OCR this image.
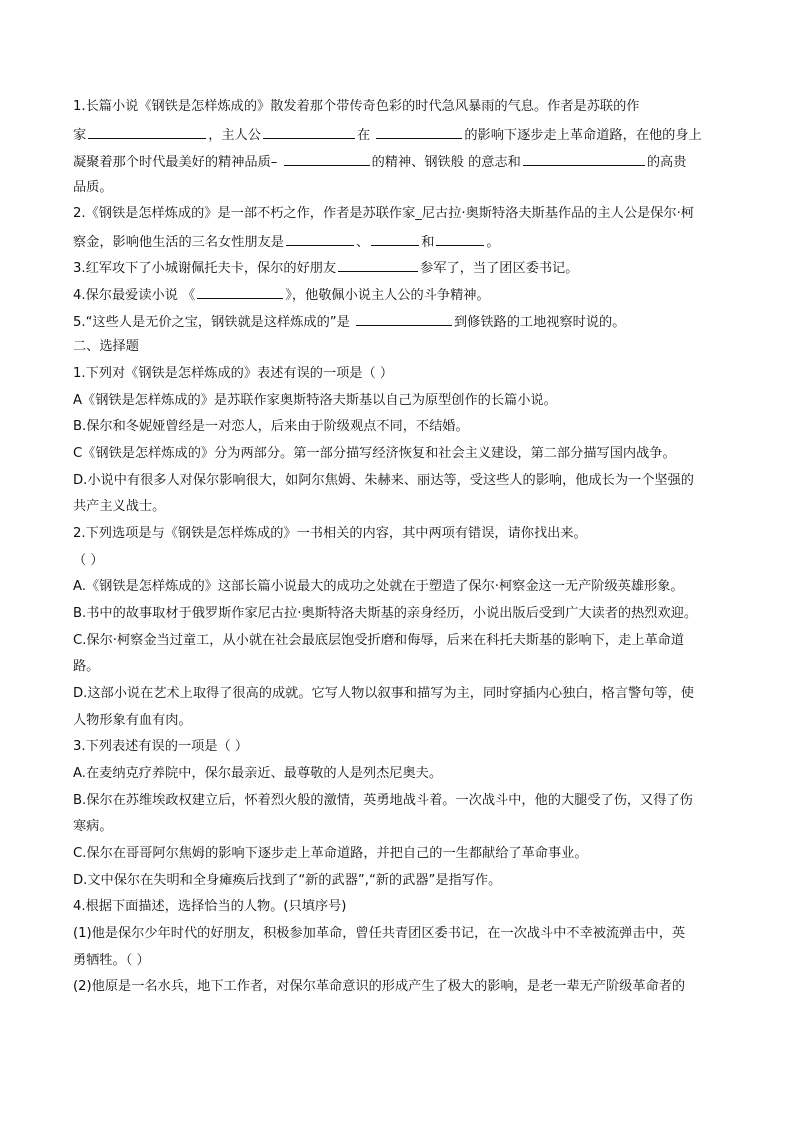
1.长篇小说《钢铁是怎样炼成的》散发着那个带传奇色彩的时代急风暴雨的气息。作者是苏联的作
家	，主人公	在	的影响下逐步走上革命道路，在他的身上
凝聚着那个时代最美好的精神品质–	的精神、钢铁般 的意志和	的高贵
品质。
2.《钢铁是怎样炼成的》是一部不朽之作，作者是苏联作家_尼古拉·奥斯特洛夫斯基作品的主人公是保尔·柯
察金，影响他生活的三名女性朋友是	、	和	。
3.红军攻下了小城谢佩托夫卡，保尔的好朋友	参军了，当了团区委书记。
4.保尔最爱读小说 《	》，他敬佩小说主人公的斗争精神。
5.“这些人是无价之宝，钢铁就是这样炼成的”是	到修铁路的工地视察时说的。
二、选择题
1.下列对《钢铁是怎样炼成的》表述有误的一项是（ ）
A《钢铁是怎样炼成的》是苏联作家奥斯特洛夫斯基以自己为原型创作的长篇小说。
B.保尔和冬妮娅曾经是一对恋人，后来由于阶级观点不同，不结婚。
C《钢铁是怎样炼成的》分为两部分。第一部分描写经济恢复和社会主义建设，第二部分描写国内战争。
D.小说中有很多人对保尔影响很大，如阿尔焦姆、朱赫来、丽达等，受这些人的影响，他成长为一个坚强的
共产主义战士。
2.下列选项是与《钢铁是怎样炼成的》一书相关的内容，其中两项有错误，请你找出来。
（ ）
A.《钢铁是怎样炼成的》这部长篇小说最大的成功之处就在于塑造了保尔·柯察金这一无产阶级英雄形象。
B.书中的故事取材于俄罗斯作家尼古拉·奥斯特洛夫斯基的亲身经历，小说出版后受到广大读者的热烈欢迎。
C.保尔·柯察金当过童工，从小就在社会最底层饱受折磨和侮辱，后来在科托夫斯基的影响下，走上革命道
路。
D.这部小说在艺术上取得了很高的成就。它写人物以叙事和描写为主，同时穿插内心独白，格言警句等，使
人物形象有血有肉。
3.下列表述有误的一项是（ ）
A.在麦纳克疗养院中，保尔最亲近、最尊敬的人是列杰尼奥夫。
B.保尔在苏维埃政权建立后，怀着烈火般的激情，英勇地战斗着。一次战斗中，他的大腿受了伤，又得了伤
寒病。
C.保尔在哥哥阿尔焦姆的影响下逐步走上革命道路，并把自己的一生都献给了革命事业。
D.文中保尔在失明和全身瘫痪后找到了“新的武器”,“新的武器”是指写作。
4.根据下面描述，选择恰当的人物。(只填序号)
(1)他是保尔少年时代的好朋友，积极参加革命，曾任共青团区委书记，在一次战斗中不幸被流弹击中，英
勇牺牲。（ ）
(2)他原是一名水兵，地下工作者，对保尔革命意识的形成产生了极大的影响，是老一辈无产阶级革命者的
